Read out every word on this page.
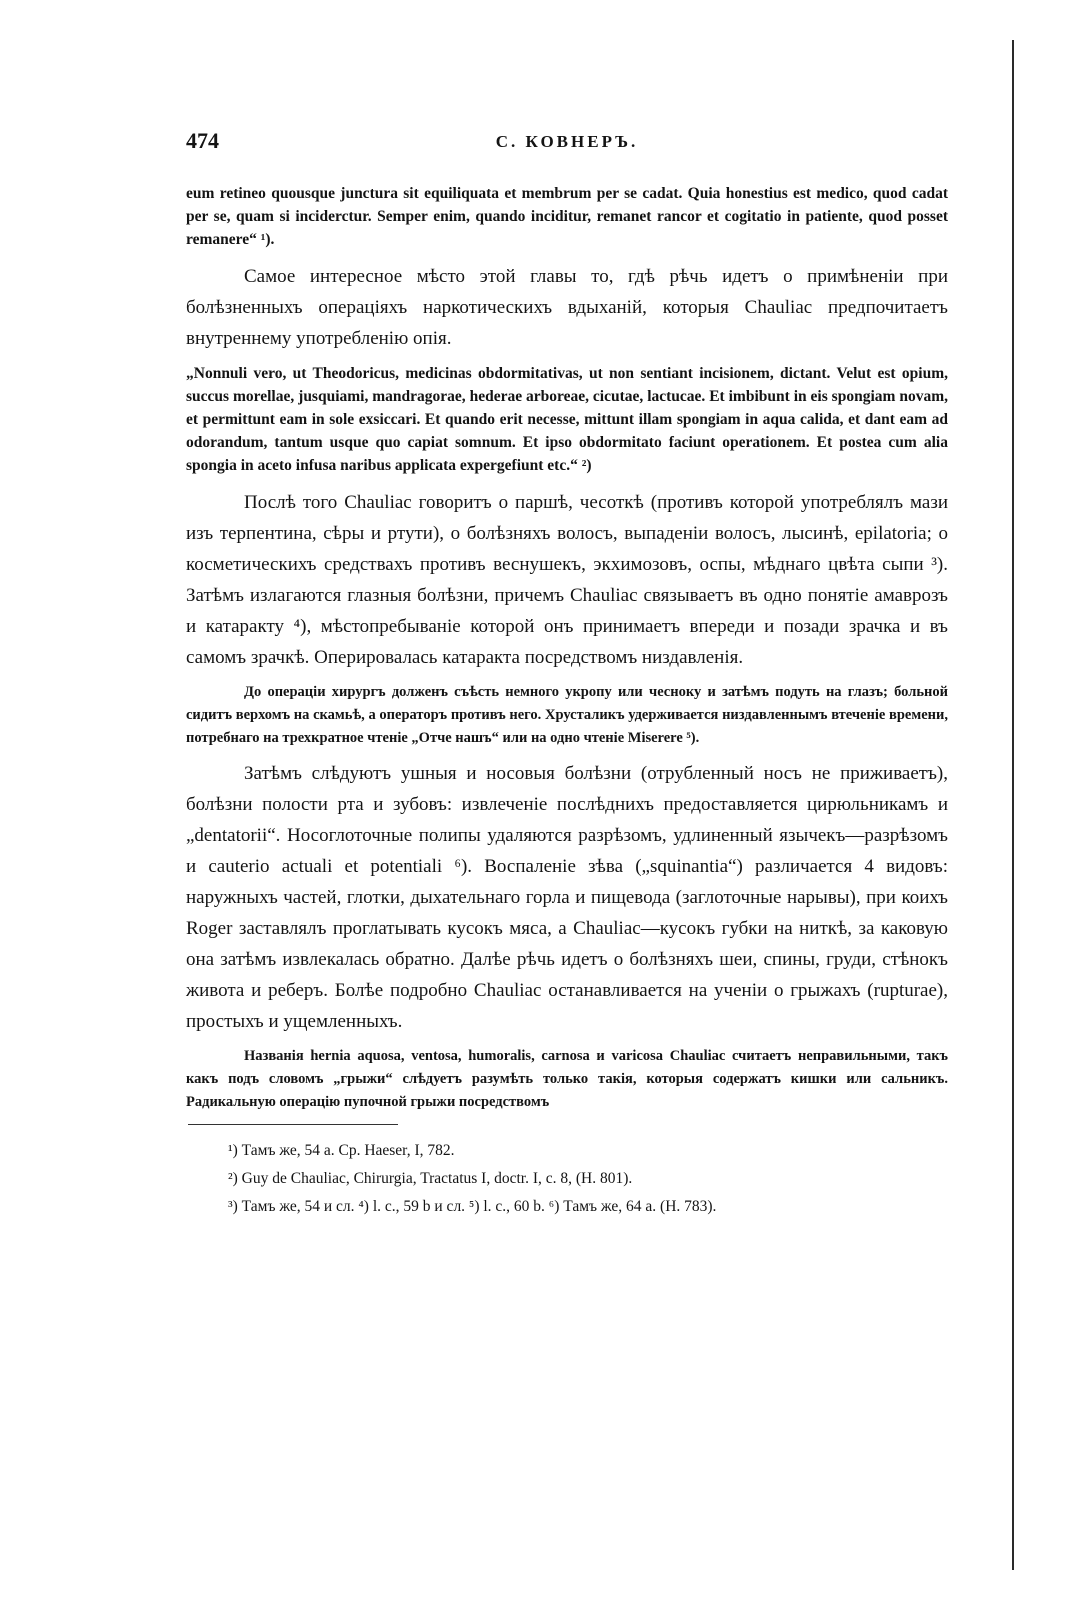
474	С. КОВНЕРЪ.

eum retineo quousque junctura sit equiliquata et membrum per se cadat. Quia honestius est medico, quod cadat per se, quam si inciderctur. Semper enim, quando inciditur, remanet rancor et cogitatio in patiente, quod posset remanere“ ¹).

Самое интересное мѣсто этой главы то, гдѣ рѣчь идетъ о примѣненіи при болѣзненныхъ операціяхъ наркотическихъ вдыханій, которыя Chauliac предпочитаетъ внутреннему употребленію опія.

„Nonnuli vero, ut Theodoricus, medicinas obdormitativas, ut non sentiant incisionem, dictant. Velut est opium, succus morellae, jusquiami, mandragorae, hederae arboreae, cicutae, lactucae. Et imbibunt in eis spongiam novam, et permittunt eam in sole exsiccari. Et quando erit necesse, mittunt illam spongiam in aqua calida, et dant eam ad odorandum, tantum usque quo capiat somnum. Et ipso obdormitato faciunt operationem. Et postea cum alia spongia in aceto infusa naribus applicata expergefiunt etc.“ ²)

Послѣ того Chauliac говоритъ о паршѣ, чесоткѣ (противъ которой употреблялъ мази изъ терпентина, сѣры и ртути), о болѣзняхъ волосъ, выпаденіи волосъ, лысинѣ, epilatoria; о косметическихъ средствахъ противъ веснушекъ, экхимозовъ, оспы, мѣднаго цвѣта сыпи ³). Затѣмъ излагаются глазныя болѣзни, причемъ Chauliac связываетъ въ одно понятіе амаврозъ и катаракту ⁴), мѣстопребываніе которой онъ принимаетъ впереди и позади зрачка и въ самомъ зрачкѣ. Оперировалась катаракта посредствомъ низдавленія.

До операціи хирургъ долженъ съѣсть немного укропу или чесноку и затѣмъ подуть на глазъ; больной сидитъ верхомъ на скамьѣ, а операторъ противъ него. Хрусталикъ удерживается низдавленнымъ втеченіе времени, потребнаго на трехкратное чтеніе „Отче нашъ“ или на одно чтеніе Miserere ⁵).

Затѣмъ слѣдуютъ ушныя и носовыя болѣзни (отрубленный носъ не приживаетъ), болѣзни полости рта и зубовъ: извлеченіе послѣднихъ предоставляется цирюльникамъ и „dentatorii“. Носоглоточные полипы удаляются разрѣзомъ, удлиненный язычекъ—разрѣзомъ и cauterio actuali et potentiali ⁶). Воспаленіе зѣва („squinantia“) различается 4 видовъ: наружныхъ частей, глотки, дыхательнаго горла и пищевода (заглоточные нарывы), при коихъ Roger заставлялъ проглатывать кусокъ мяса, а Chauliac—кусокъ губки на ниткѣ, за каковую она затѣмъ извлекалась обратно. Далѣе рѣчь идетъ о болѣзняхъ шеи, спины, груди, стѣнокъ живота и реберъ. Болѣе подробно Chauliac останавливается на ученіи о грыжахъ (rupturae), простыхъ и ущемленныхъ.

Названія hernia aquosa, ventosa, humoralis, carnosa и varicosa Chauliac считаетъ неправильными, такъ какъ подъ словомъ „грыжи“ слѣдуетъ разумѣть только такія, которыя содержатъ кишки или сальникъ. Радикальную операцію пупочной грыжи посредствомъ

¹) Тамъ же, 54 a. Cp. Haeser, I, 782.
²) Guy de Chauliac, Chirurgia, Tractatus I, doctr. I, c. 8, (H. 801).
³) Тамъ же, 54 и сл. ⁴) l. c., 59 b и сл. ⁵) l. c., 60 b. ⁶) Тамъ же, 64 a. (H. 783).
